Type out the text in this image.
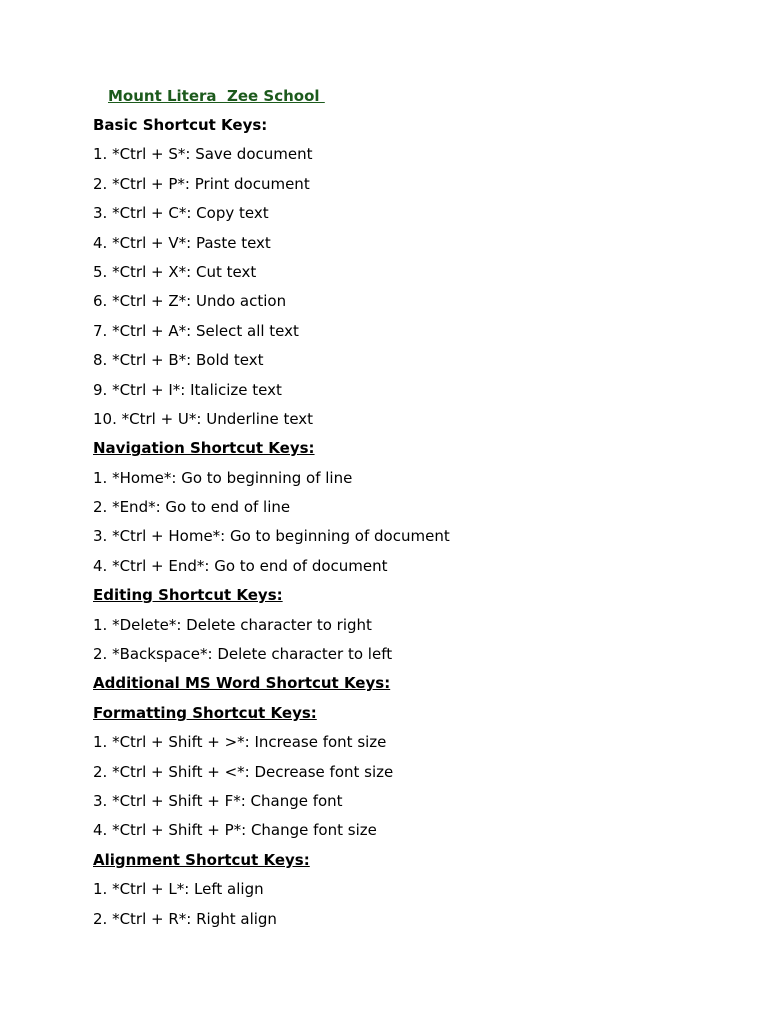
Mount Litera  Zee School
Basic Shortcut Keys:
1. *Ctrl + S*: Save document
2. *Ctrl + P*: Print document
3. *Ctrl + C*: Copy text
4. *Ctrl + V*: Paste text
5. *Ctrl + X*: Cut text
6. *Ctrl + Z*: Undo action
7. *Ctrl + A*: Select all text
8. *Ctrl + B*: Bold text
9. *Ctrl + I*: Italicize text
10. *Ctrl + U*: Underline text
Navigation Shortcut Keys:
1. *Home*: Go to beginning of line
2. *End*: Go to end of line
3. *Ctrl + Home*: Go to beginning of document
4. *Ctrl + End*: Go to end of document
Editing Shortcut Keys:
1. *Delete*: Delete character to right
2. *Backspace*: Delete character to left
Additional MS Word Shortcut Keys:
Formatting Shortcut Keys:
1. *Ctrl + Shift + >*: Increase font size
2. *Ctrl + Shift + <*: Decrease font size
3. *Ctrl + Shift + F*: Change font
4. *Ctrl + Shift + P*: Change font size
Alignment Shortcut Keys:
1. *Ctrl + L*: Left align
2. *Ctrl + R*: Right align
